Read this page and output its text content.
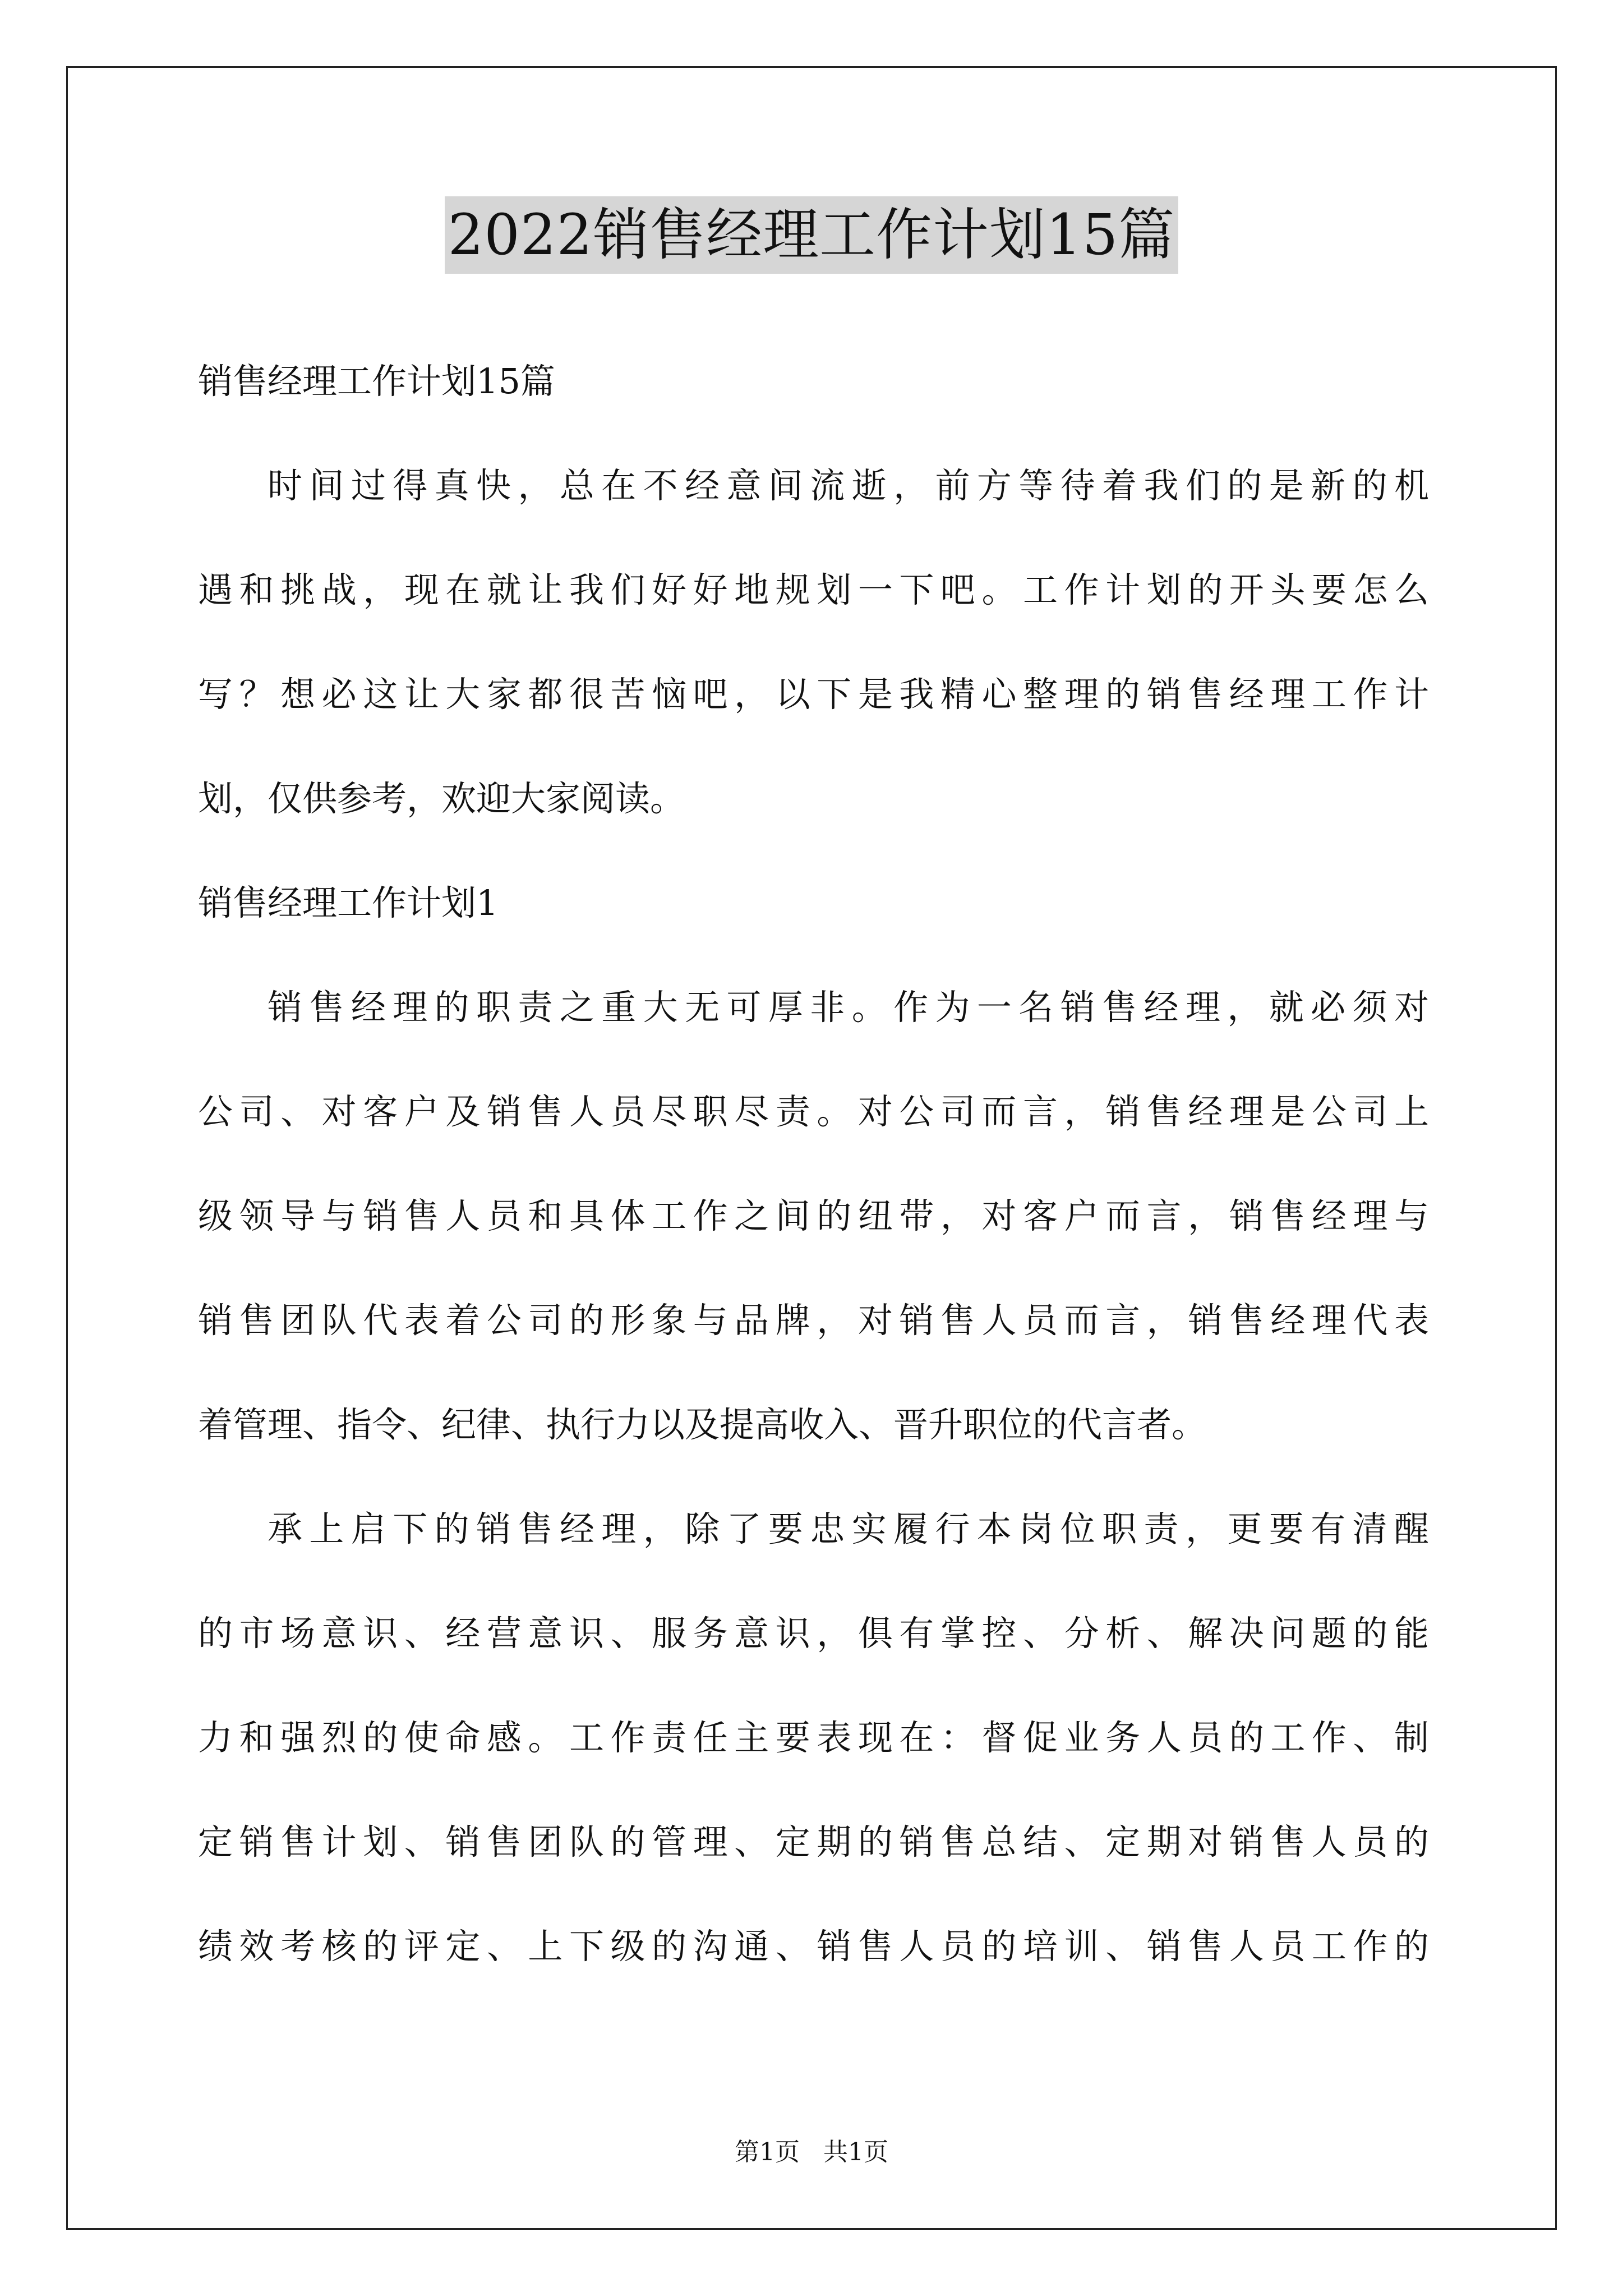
2022销售经理工作计划15篇
销售经理工作计划15篇
时间过得真快，总在不经意间流逝，前方等待着我们的是新的机
遇和挑战，现在就让我们好好地规划一下吧。工作计划的开头要怎么
写？想必这让大家都很苦恼吧，以下是我精心整理的销售经理工作计
划，仅供参考，欢迎大家阅读。
销售经理工作计划1
销售经理的职责之重大无可厚非。作为一名销售经理，就必须对
公司、对客户及销售人员尽职尽责。对公司而言，销售经理是公司上
级领导与销售人员和具体工作之间的纽带，对客户而言，销售经理与
销售团队代表着公司的形象与品牌，对销售人员而言，销售经理代表
着管理、指令、纪律、执行力以及提高收入、晋升职位的代言者。
承上启下的销售经理，除了要忠实履行本岗位职责，更要有清醒
的市场意识、经营意识、服务意识，俱有掌控、分析、解决问题的能
力和强烈的使命感。工作责任主要表现在：督促业务人员的工作、制
定销售计划、销售团队的管理、定期的销售总结、定期对销售人员的
绩效考核的评定、上下级的沟通、销售人员的培训、销售人员工作的
第1页   共1页
